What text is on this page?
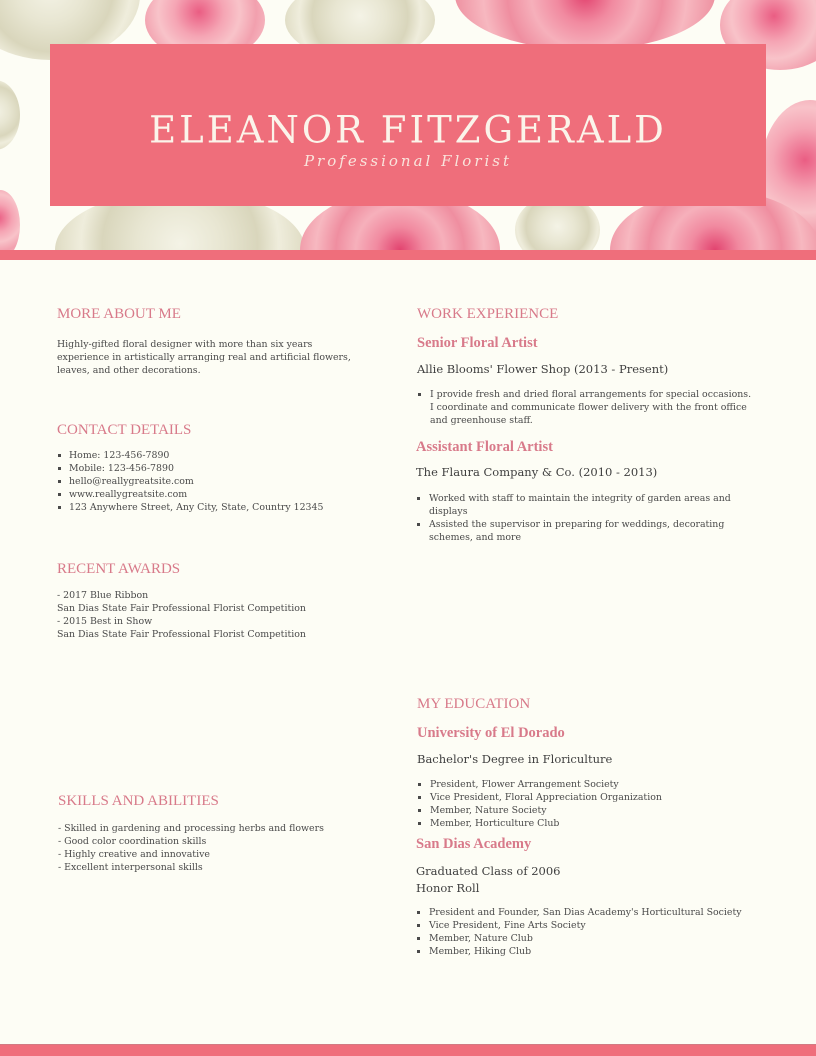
ELEANOR FITZGERALD
Professional Florist
MORE ABOUT ME
Highly-gifted floral designer with more than six years experience in artistically arranging real and artificial flowers, leaves, and other decorations.
CONTACT DETAILS
Home: 123-456-7890
Mobile: 123-456-7890
hello@reallygreatsite.com
www.reallygreatsite.com
123 Anywhere Street, Any City, State, Country 12345
RECENT AWARDS
- 2017 Blue Ribbon
San Dias State Fair Professional Florist Competition
- 2015 Best in Show
San Dias State Fair Professional Florist Competition
SKILLS AND ABILITIES
- Skilled in gardening and processing herbs and flowers
- Good color coordination skills
- Highly creative and innovative
- Excellent interpersonal skills
WORK EXPERIENCE
Senior Floral Artist
Allie Blooms' Flower Shop (2013 - Present)
I provide fresh and dried floral arrangements for special occasions. I coordinate and communicate flower delivery with the front office and greenhouse staff.
Assistant Floral Artist
The Flaura Company & Co. (2010 - 2013)
Worked with staff to maintain the integrity of garden areas and displays
Assisted the supervisor in preparing for weddings, decorating schemes, and more
MY EDUCATION
University of El Dorado
Bachelor's Degree in Floriculture
President, Flower Arrangement Society
Vice President, Floral Appreciation Organization
Member, Nature Society
Member, Horticulture Club
San Dias Academy
Graduated Class of 2006
Honor Roll
President and Founder, San Dias Academy's Horticultural Society
Vice President, Fine Arts Society
Member, Nature Club
Member, Hiking Club
